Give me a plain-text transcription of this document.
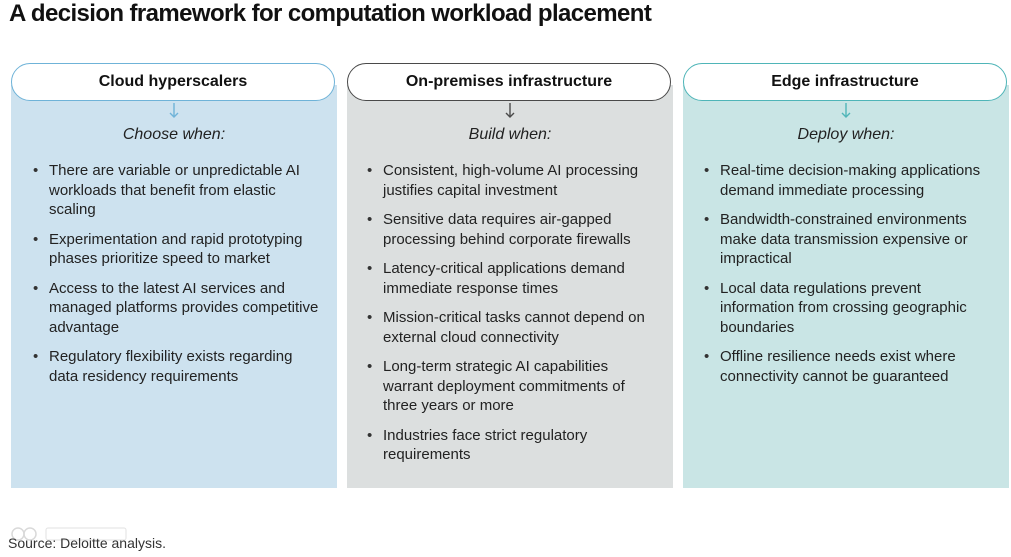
A decision framework for computation workload placement
Cloud hyperscalers	On-premises infrastructure	Edge infrastructure
Choose when:	Build when:	Deploy when:
• There are variable or unpredictable AI workloads that benefit from elastic scaling
• Experimentation and rapid prototyping phases prioritize speed to market
• Access to the latest AI services and managed platforms provides competitive advantage
• Regulatory flexibility exists regarding data residency requirements
• Consistent, high-volume AI processing justifies capital investment
• Sensitive data requires air-gapped processing behind corporate firewalls
• Latency-critical applications demand immediate response times
• Mission-critical tasks cannot depend on external cloud connectivity
• Long-term strategic AI capabilities warrant deployment commitments of three years or more
• Industries face strict regulatory requirements
• Real-time decision-making applications demand immediate processing
• Bandwidth-constrained environments make data transmission expensive or impractical
• Local data regulations prevent information from crossing geographic boundaries
• Offline resilience needs exist where connectivity cannot be guaranteed
Source: Deloitte analysis.
